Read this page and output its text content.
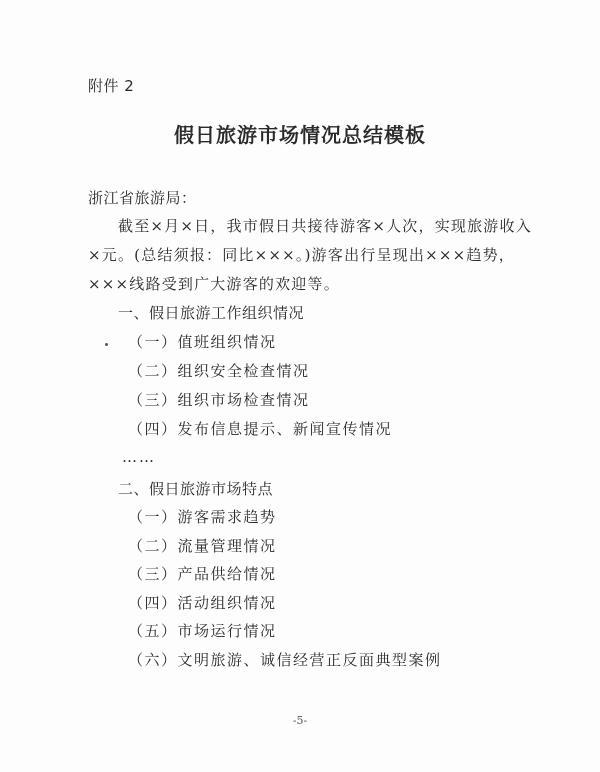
附件 2
假日旅游市场情况总结模板
浙江省旅游局：
截至×月×日，我市假日共接待游客×人次，实现旅游收入
×元。(总结须报：同比×××。)游客出行呈现出×××趋势，
×××线路受到广大游客的欢迎等。
一、假日旅游工作组织情况
（一）值班组织情况
（二）组织安全检查情况
（三）组织市场检查情况
（四）发布信息提示、新闻宣传情况
……
二、假日旅游市场特点
（一）游客需求趋势
（二）流量管理情况
（三）产品供给情况
（四）活动组织情况
（五）市场运行情况
（六）文明旅游、诚信经营正反面典型案例
-5-
